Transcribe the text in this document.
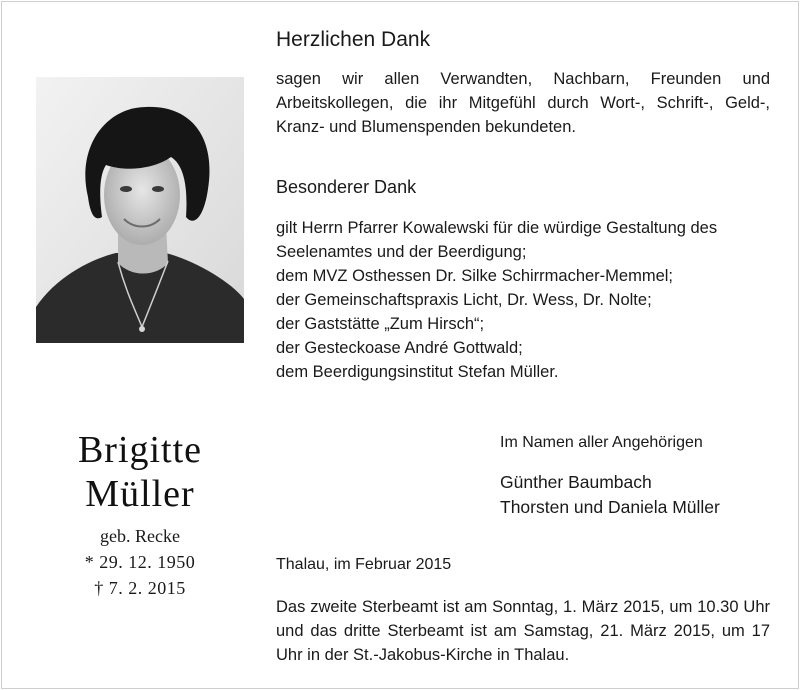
Herzlichen Dank
sagen wir allen Verwandten, Nachbarn, Freunden und Arbeitskollegen, die ihr Mitgefühl durch Wort-, Schrift-, Geld-, Kranz- und Blumenspenden bekundeten.
Besonderer Dank
gilt Herrn Pfarrer Kowalewski für die würdige Gestaltung des
Seelenamtes und der Beerdigung;
dem MVZ Osthessen Dr. Silke Schirrmacher-Memmel;
der Gemeinschaftspraxis Licht, Dr. Wess, Dr. Nolte;
der Gaststätte „Zum Hirsch“;
der Gesteckoase André Gottwald;
dem Beerdigungsinstitut Stefan Müller.
Brigitte
Müller
geb. Recke
* 29. 12. 1950
† 7. 2. 2015
Im Namen aller Angehörigen
Günther Baumbach
Thorsten und Daniela Müller
Thalau, im Februar 2015
Das zweite Sterbeamt ist am Sonntag, 1. März 2015, um 10.30 Uhr und das dritte Sterbeamt ist am Samstag, 21. März 2015, um 17 Uhr in der St.-Jakobus-Kirche in Thalau.
